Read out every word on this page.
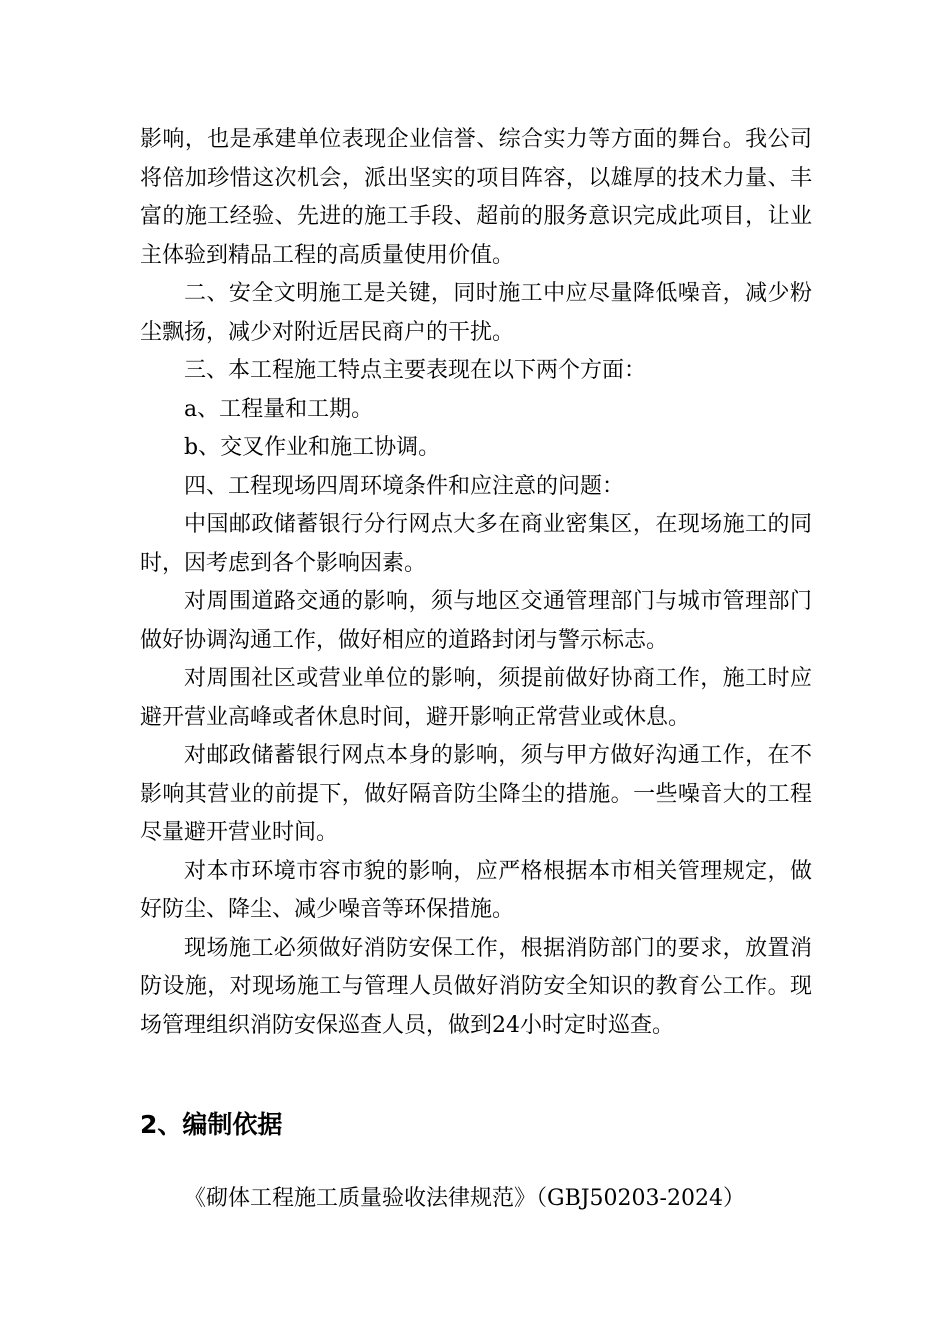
影响，也是承建单位表现企业信誉、综合实力等方面的舞台。我公司将倍加珍惜这次机会，派出坚实的项目阵容，以雄厚的技术力量、丰富的施工经验、先进的施工手段、超前的服务意识完成此项目，让业主体验到精品工程的高质量使用价值。

二、安全文明施工是关键，同时施工中应尽量降低噪音，减少粉尘飘扬，减少对附近居民商户的干扰。

三、本工程施工特点主要表现在以下两个方面：

a、工程量和工期。

b、交叉作业和施工协调。

四、工程现场四周环境条件和应注意的问题：

中国邮政储蓄银行分行网点大多在商业密集区，在现场施工的同时，因考虑到各个影响因素。

对周围道路交通的影响，须与地区交通管理部门与城市管理部门做好协调沟通工作，做好相应的道路封闭与警示标志。

对周围社区或营业单位的影响，须提前做好协商工作，施工时应避开营业高峰或者休息时间，避开影响正常营业或休息。

对邮政储蓄银行网点本身的影响，须与甲方做好沟通工作，在不影响其营业的前提下，做好隔音防尘降尘的措施。一些噪音大的工程尽量避开营业时间。

对本市环境市容市貌的影响，应严格根据本市相关管理规定，做好防尘、降尘、减少噪音等环保措施。

现场施工必须做好消防安保工作，根据消防部门的要求，放置消防设施，对现场施工与管理人员做好消防安全知识的教育公工作。现场管理组织消防安保巡查人员，做到24小时定时巡查。

2、编制依据

《砌体工程施工质量验收法律规范》（GBJ50203-2024）
